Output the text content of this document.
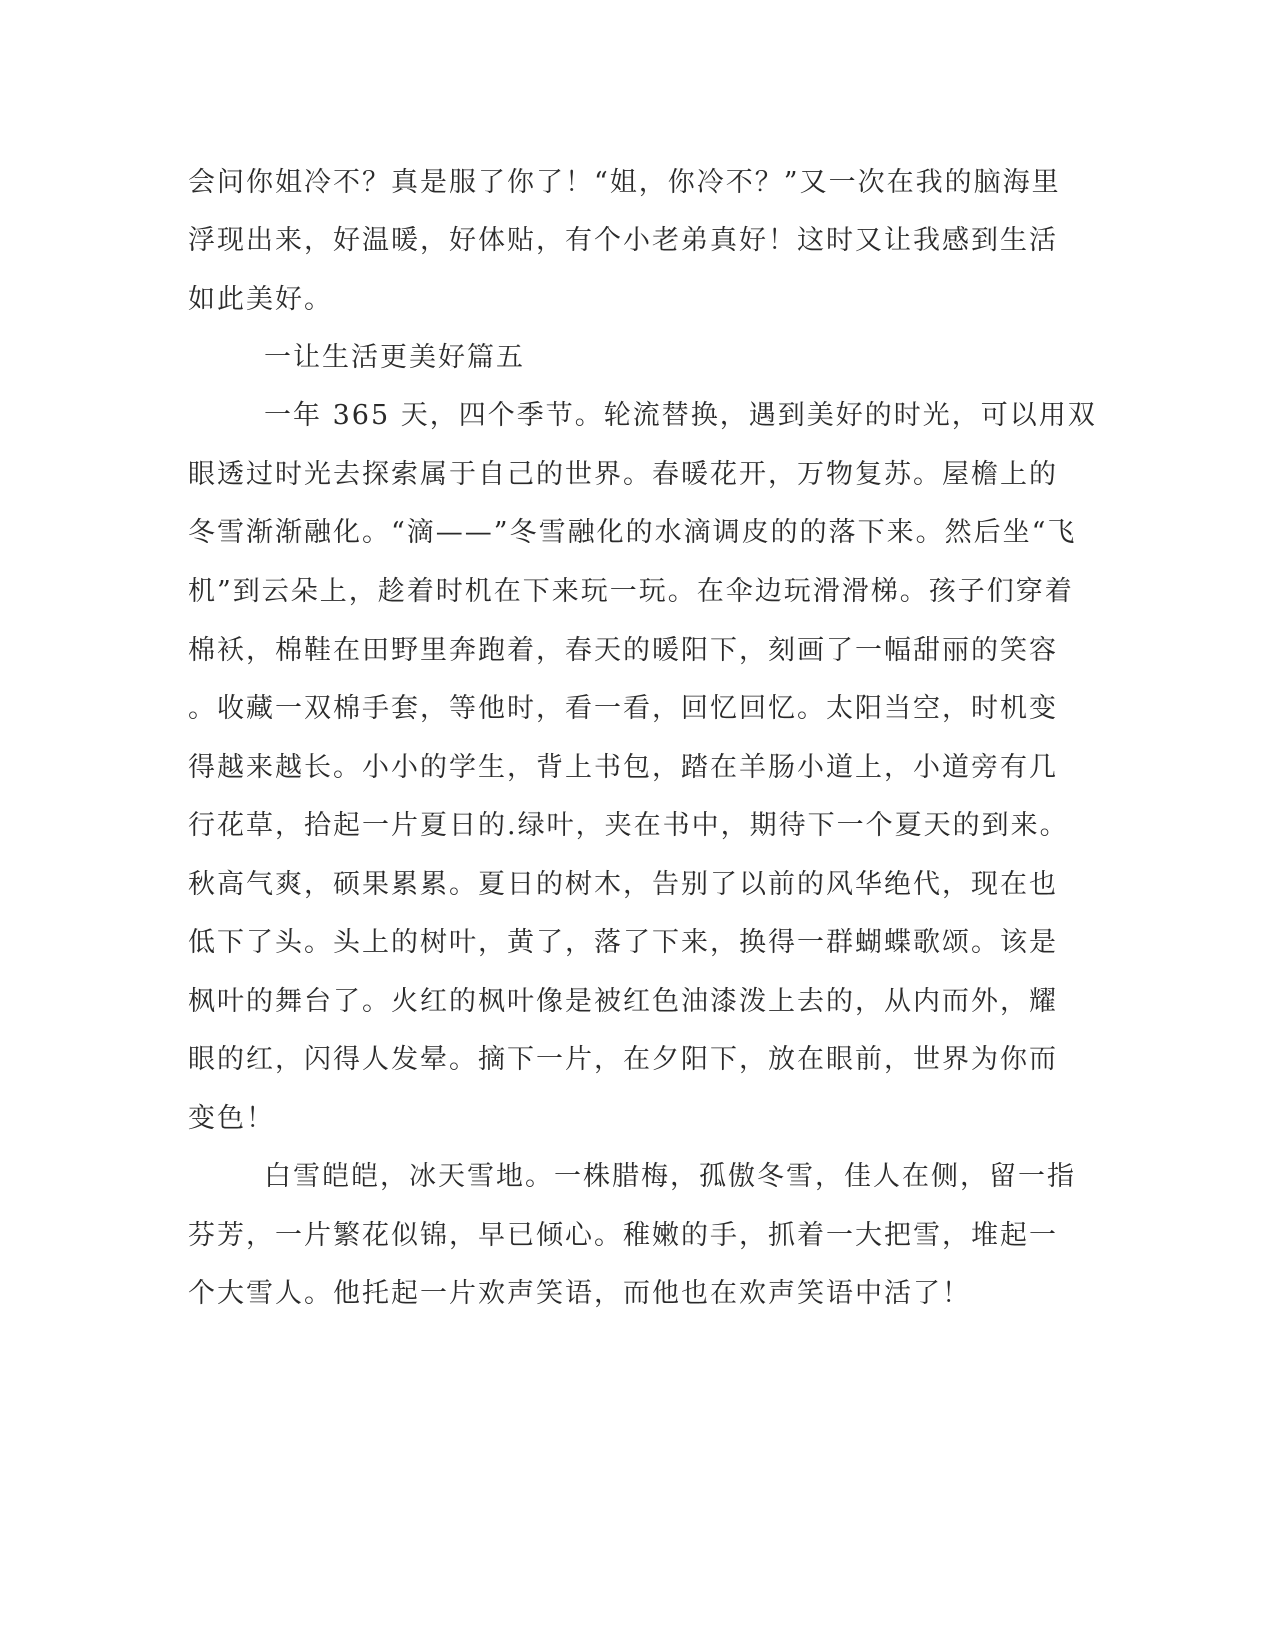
会问你姐冷不？真是服了你了！“姐，你冷不？”又一次在我的脑海里
浮现出来，好温暖，好体贴，有个小老弟真好！这时又让我感到生活
如此美好。
一让生活更美好篇五
一年 365 天，四个季节。轮流替换，遇到美好的时光，可以用双
眼透过时光去探索属于自己的世界。春暖花开，万物复苏。屋檐上的
冬雪渐渐融化。“滴——”冬雪融化的水滴调皮的的落下来。然后坐“飞
机”到云朵上，趁着时机在下来玩一玩。在伞边玩滑滑梯。孩子们穿着
棉袄，棉鞋在田野里奔跑着，春天的暖阳下，刻画了一幅甜丽的笑容
。收藏一双棉手套，等他时，看一看，回忆回忆。太阳当空，时机变
得越来越长。小小的学生，背上书包，踏在羊肠小道上，小道旁有几
行花草，拾起一片夏日的.绿叶，夹在书中，期待下一个夏天的到来。
秋高气爽，硕果累累。夏日的树木，告别了以前的风华绝代，现在也
低下了头。头上的树叶，黄了，落了下来，换得一群蝴蝶歌颂。该是
枫叶的舞台了。火红的枫叶像是被红色油漆泼上去的，从内而外，耀
眼的红，闪得人发晕。摘下一片，在夕阳下，放在眼前，世界为你而
变色！
白雪皑皑，冰天雪地。一株腊梅，孤傲冬雪，佳人在侧，留一指
芬芳，一片繁花似锦，早已倾心。稚嫩的手，抓着一大把雪，堆起一
个大雪人。他托起一片欢声笑语，而他也在欢声笑语中活了！
